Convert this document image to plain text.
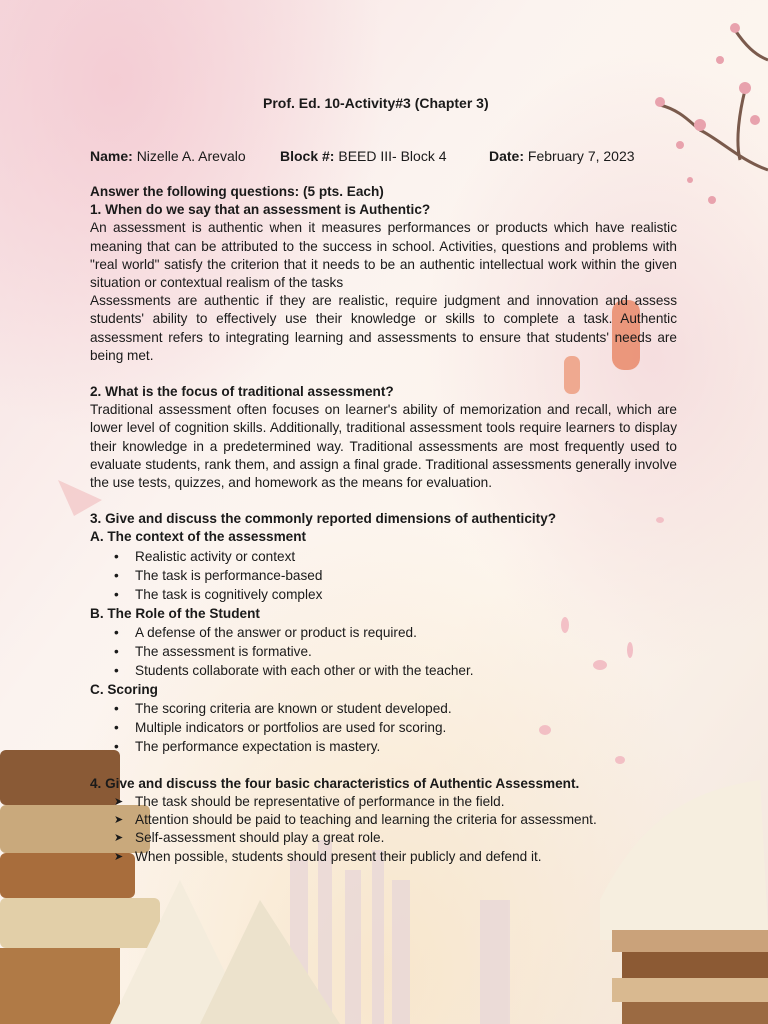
Prof. Ed. 10-Activity#3 (Chapter 3)
Name: Nizelle A. Arevalo Block #: BEED III- Block 4	Date: February 7, 2023

Answer the following questions: (5 pts. Each)

1. When do we say that an assessment is Authentic?

An assessment is authentic when it measures performances or products which have realistic meaning that can be attributed to the success in school. Activities, questions and problems with "real world" satisfy the criterion that it needs to be an authentic intellectual work within the given situation or contextual realism of the tasks

Assessments are authentic if they are realistic, require judgment and innovation and assess students' ability to effectively use their knowledge or skills to complete a task. Authentic assessment refers to integrating learning and assessments to ensure that students' needs are being met.

2. What is the focus of traditional assessment?

Traditional assessment often focuses on learner's ability of memorization and recall, which are lower level of cognition skills. Additionally, traditional assessment tools require learners to display their knowledge in a predetermined way. Traditional assessments are most frequently used to evaluate students, rank them, and assign a final grade. Traditional assessments generally involve the use tests, quizzes, and homework as the means for evaluation.

3. Give and discuss the commonly reported dimensions of authenticity?

A. The context of the assessment

• Realistic activity or context
• The task is performance-based
• The task is cognitively complex

B. The Role of the Student

• A defense of the answer or product is required.
• The assessment is formative.
• Students collaborate with each other or with the teacher.

C. Scoring

• The scoring criteria are known or student developed.
• Multiple indicators or portfolios are used for scoring.
• The performance expectation is mastery.

4. Give and discuss the four basic characteristics of Authentic Assessment.

➤ The task should be representative of performance in the field.
➤ Attention should be paid to teaching and learning the criteria for assessment.
➤ Self-assessment should play a great role.
➤ When possible, students should present their publicly and defend it.
